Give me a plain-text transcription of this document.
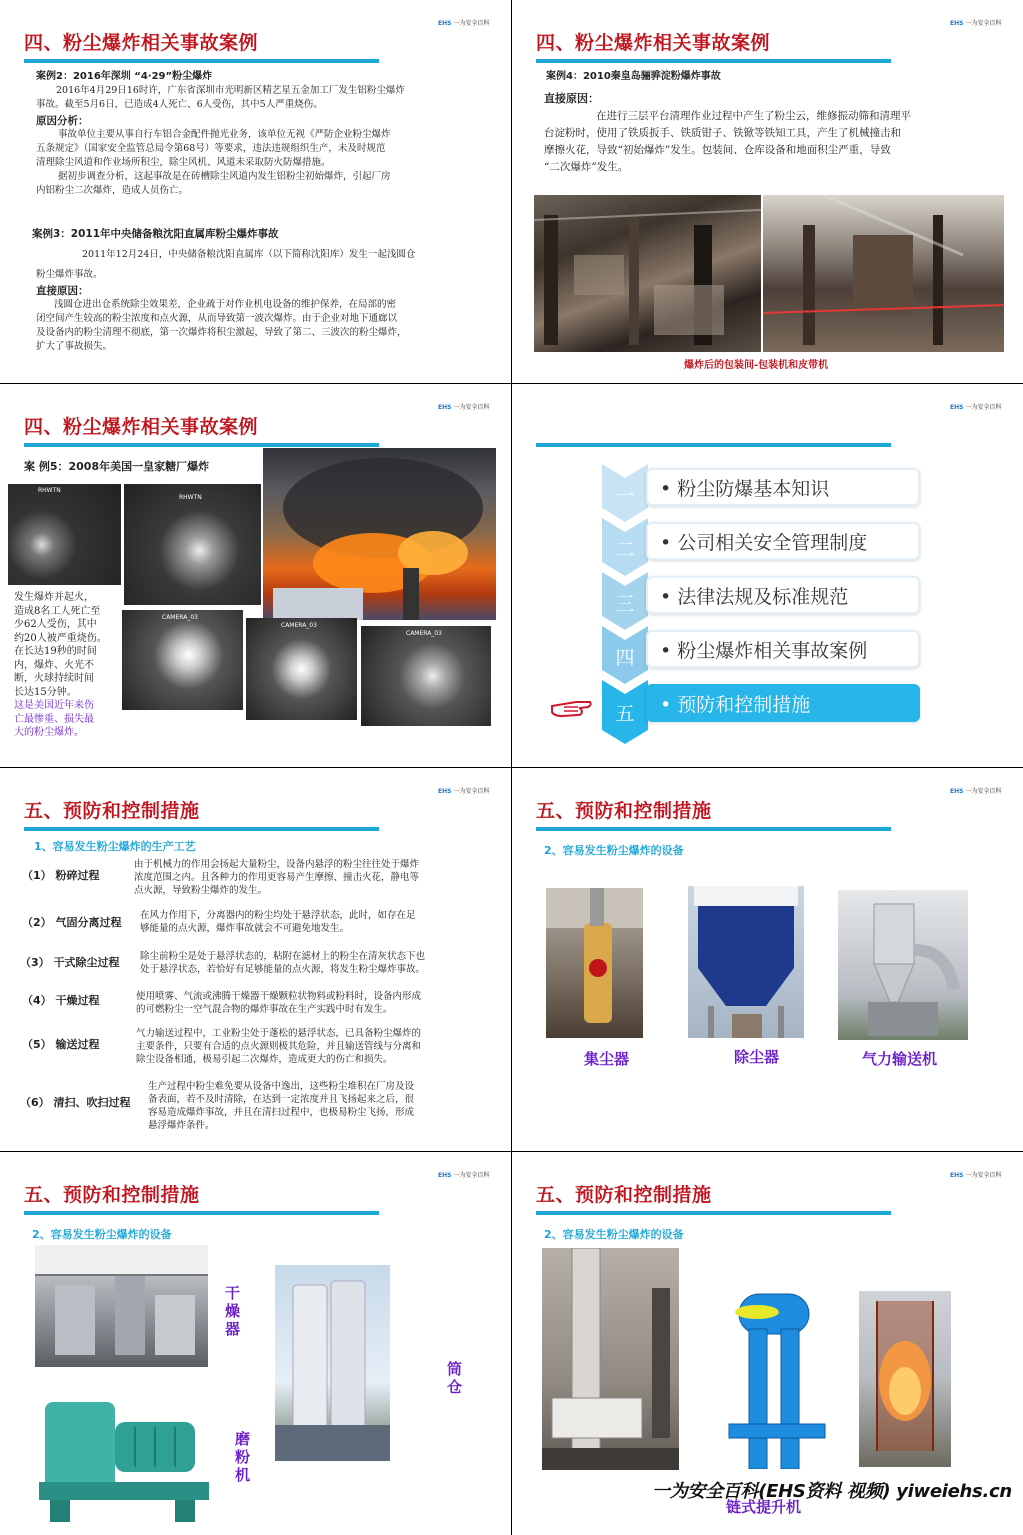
EHS 一为安全百科
四、粉尘爆炸相关事故案例
案例2：2016年深圳 “4·29”粉尘爆炸
2016年4月29日16时许，广东省深圳市光明新区精艺星五金加工厂发生铝粉尘爆炸
事故。截至5月6日，已造成4人死亡、6人受伤，其中5人严重烧伤。
原因分析：
事故单位主要从事自行车铝合金配件抛光业务，该单位无视《严防企业粉尘爆炸
五条规定》（国家安全监管总局令第68号）等要求，违法违规组织生产，未及时规范
清理除尘风道和作业场所积尘，除尘风机、风道未采取防火防爆措施。
据初步调查分析，这起事故是在砖槽除尘风道内发生铝粉尘初始爆炸，引起厂房
内铝粉尘二次爆炸，造成人员伤亡。
案例3：2011年中央储备粮沈阳直属库粉尘爆炸事故
2011年12月24日，中央储备粮沈阳直属库（以下简称沈阳库）发生一起浅圆仓
粉尘爆炸事故。
直接原因：
浅圆仓进出仓系统除尘效果差，企业疏于对作业机电设备的维护保养，在局部的密
闭空间产生较高的粉尘浓度和点火源，从而导致第一波次爆炸。由于企业对地下通廊以
及设备内的粉尘清理不彻底，第一次爆炸将积尘激起，导致了第二、三波次的粉尘爆炸，
扩大了事故损失。
EHS 一为安全百科
四、粉尘爆炸相关事故案例
案例4：2010秦皇岛骊骅淀粉爆炸事故
直接原因：
在进行三层平台清理作业过程中产生了粉尘云，维修振动筛和清理平
台淀粉时，使用了铁质扳手、铁质钳子、铁锨等铁知工具，产生了机械撞击和
摩擦火花，导致“初始爆炸”发生。包装间、仓库设备和地面积尘严重，导致
“二次爆炸”发生。
爆炸后的包装间-包装机和皮带机
EHS 一为安全百科
四、粉尘爆炸相关事故案例
案 例5：2008年美国一皇家糖厂爆炸
RHWTN
RHWTN
CAMERA_03
CAMERA_03
CAMERA_03
发生爆炸并起火，
造成8名工人死亡至
少62人受伤，其中
约20人被严重烧伤。
在长达19秒的时间
内，爆炸、火光不
断，火球持续时间
长达15分钟。
这是美国近年来伤
亡最惨重、损失最
大的粉尘爆炸。
EHS 一为安全百科
一
二
三
四
五
• 粉尘防爆基本知识
• 公司相关安全管理制度
• 法律法规及标准规范
• 粉尘爆炸相关事故案例
• 预防和控制措施
EHS 一为安全百科
五、预防和控制措施
1、容易发生粉尘爆炸的生产工艺
（1） 粉碎过程
由于机械力的作用会扬起大量粉尘，设备内悬浮的粉尘往往处于爆炸
浓度范围之内。且各种力的作用更容易产生摩擦、撞击火花，静电等
点火源，导致粉尘爆炸的发生。
（2） 气固分离过程
在风力作用下，分离器内的粉尘均处于悬浮状态，此时，如存在足
够能量的点火源，爆炸事故就会不可避免地发生。
（3） 干式除尘过程	除尘前粉尘是处于悬浮状态的，粘附在滤材上的粉尘在清灰状态下也
处于悬浮状态，若恰好有足够能量的点火源，将发生粉尘爆炸事故。
（4） 干燥过程	使用喷雾、气流或沸腾干燥器干燥颗粒状物料或粉料时，设备内形成
的可燃粉尘一空气混合物的爆炸事故在生产实践中时有发生。
（5） 输送过程
气力输送过程中，工业粉尘处于蓬松的悬浮状态，已具备粉尘爆炸的
主要条件，只要有合适的点火源则极其危险，并且输送管线与分离和
除尘设备相通，极易引起二次爆炸，造成更大的伤亡和损失。
（6） 清扫、吹扫过程
生产过程中粉尘难免要从设备中逸出，这些粉尘堆积在厂房及设
备表面，若不及时清除，在达到一定浓度并且飞扬起来之后，很
容易造成爆炸事故，并且在清扫过程中，也极易粉尘飞扬，形成
悬浮爆炸条件。
EHS 一为安全百科
五、预防和控制措施
2、容易发生粉尘爆炸的设备
集尘器	除尘器	气力输送机
EHS 一为安全百科
五、预防和控制措施
2、容易发生粉尘爆炸的设备
干燥器
筒仓
磨粉机
EHS 一为安全百科
五、预防和控制措施
2、容易发生粉尘爆炸的设备
一为安全百科(EHS资料 视频) yiweiehs.cn
链式提升机
